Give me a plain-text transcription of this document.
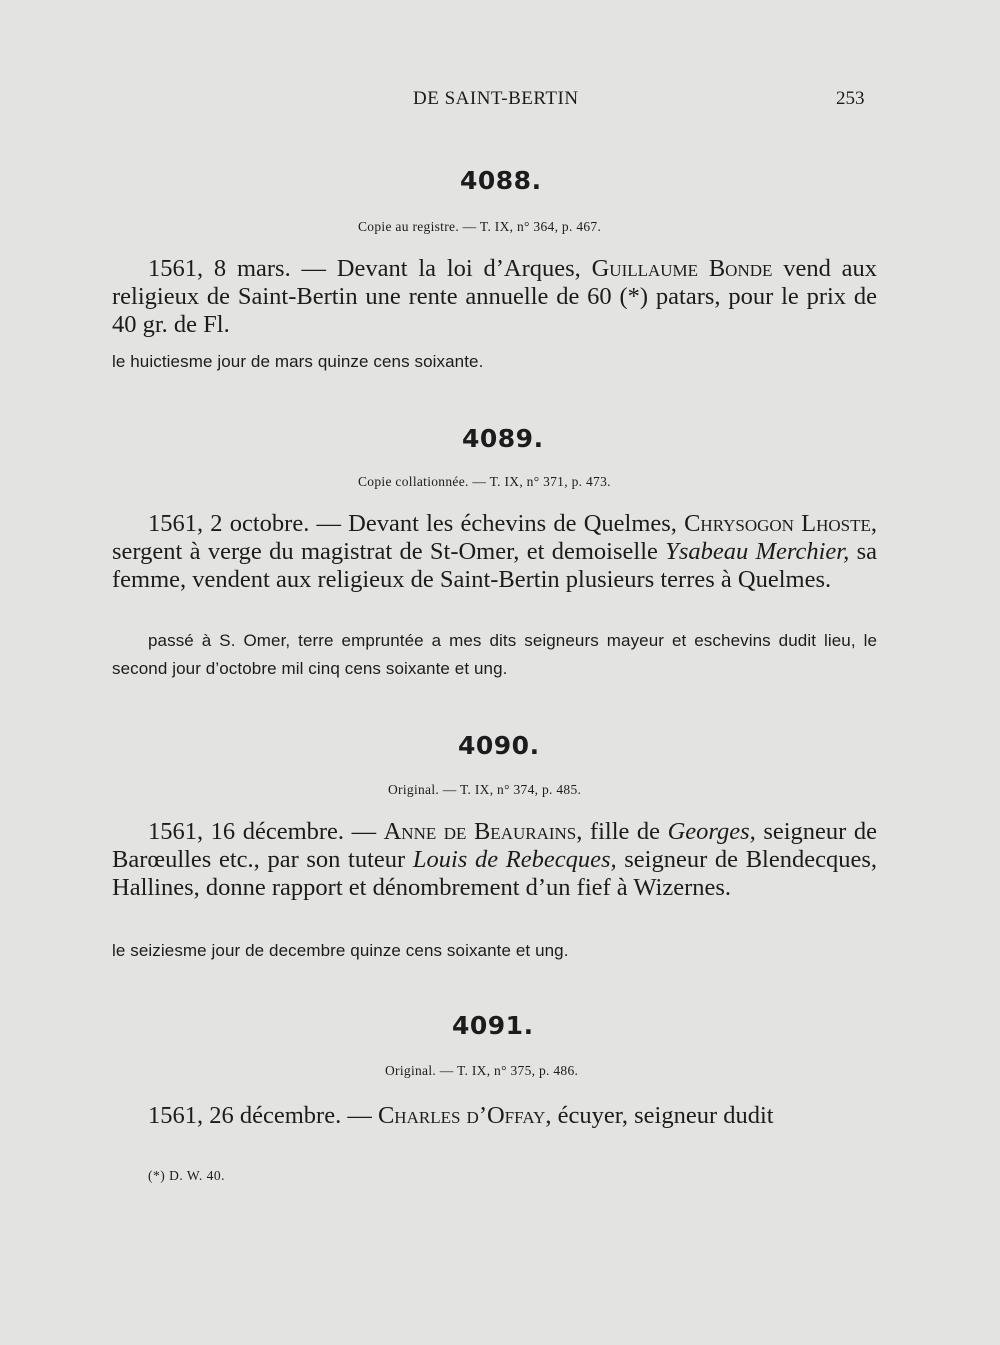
DE SAINT-BERTIN	253
4088.
Copie au registre. — T. IX, n° 364, p. 467.

1561, 8 mars. — Devant la loi d’Arques, Guillaume Bonde vend aux religieux de Saint-Bertin une rente annuelle de 60 (*) patars, pour le prix de 40 gr. de Fl.

le huictiesme jour de mars quinze cens soixante.

4089.
Copie collationnée. — T. IX, n° 371, p. 473.

1561, 2 octobre. — Devant les échevins de Quelmes, Chrysogon Lhoste, sergent à verge du magistrat de St-Omer, et demoiselle Ysabeau Merchier, sa femme, vendent aux religieux de Saint-Bertin plusieurs terres à Quelmes.

passé à S. Omer, terre empruntée a mes dits seigneurs mayeur et eschevins dudit lieu, le second jour d’octobre mil cinq cens soixante et ung.

4090.
Original. — T. IX, n° 374, p. 485.

1561, 16 décembre. — Anne de Beaurains, fille de Georges, seigneur de Barœulles etc., par son tuteur Louis de Rebecques, seigneur de Blendecques, Hallines, donne rapport et dénombrement d’un fief à Wizernes.

le seiziesme jour de decembre quinze cens soixante et ung.

4091.
Original. — T. IX, n° 375, p. 486.

1561, 26 décembre. — Charles d’Offay, écuyer, seigneur dudit

(*) D. W. 40.
